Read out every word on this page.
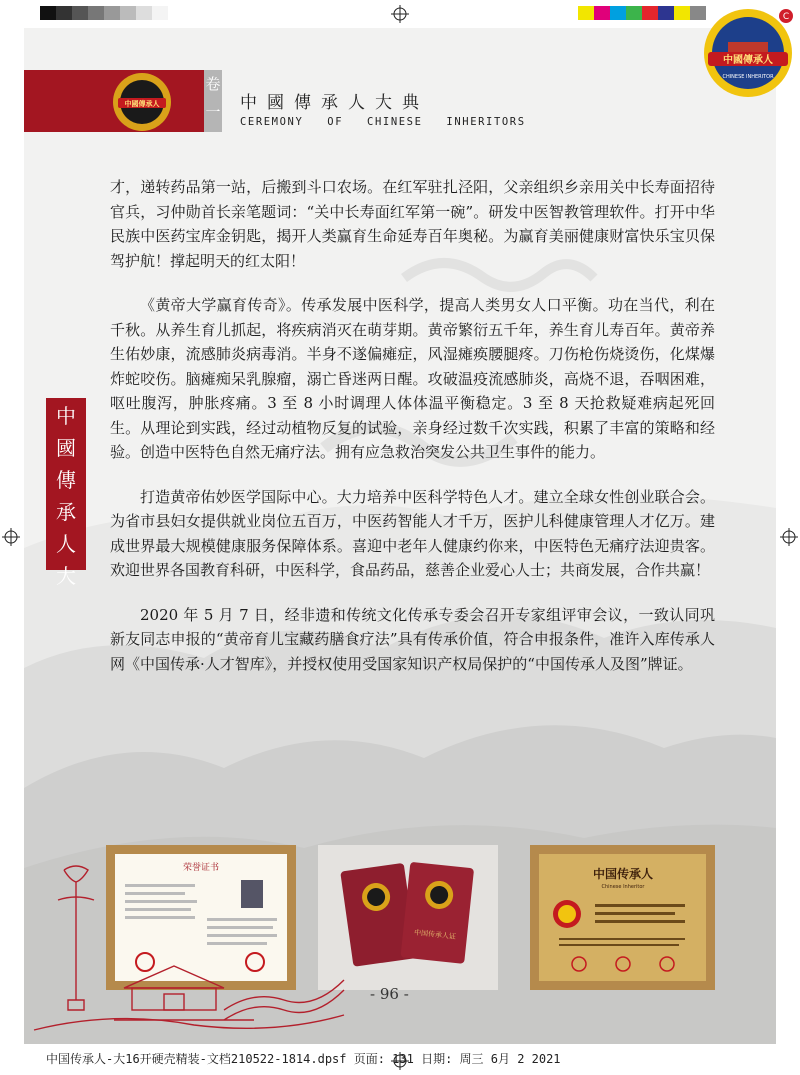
中國傳承人
卷
一 中國傳承人大典
CEREMONY OF CHINESE INHERITORS
中國傳承人
CHINESE INHERITOR
C
中
國
傳
承
人
大

才，递转药品第一站，后搬到斗口农场。在红军驻扎泾阳，父亲组织乡亲用关中长寿面招待官兵，习仲勋首长亲笔题词：“关中长寿面红军第一碗”。研发中医智教管理软件。打开中华民族中医药宝库金钥匙，揭开人类赢育生命延寿百年奥秘。为赢育美丽健康财富快乐宝贝保驾护航！撑起明天的红太阳！

《黄帝大学赢育传奇》。传承发展中医科学，提高人类男女人口平衡。功在当代，利在千秋。从养生育儿抓起，将疾病消灭在萌芽期。黄帝繁衍五千年，养生育儿寿百年。黄帝养生佑妙康，流感肺炎病毒消。半身不遂偏瘫症，风湿瘫痪腰腿疼。刀伤枪伤烧烫伤，化煤爆炸蛇咬伤。脑瘫痴呆乳腺瘤，溺亡昏迷两日醒。攻破温疫流感肺炎，高烧不退，吞咽困难，呕吐腹泻，肿胀疼痛。3 至 8 小时调理人体体温平衡稳定。3 至 8 天抢救疑难病起死回生。从理论到实践，经过动植物反复的试验，亲身经过数千次实践，积累了丰富的策略和经验。创造中医特色自然无痛疗法。拥有应急救治突发公共卫生事件的能力。

打造黄帝佑妙医学国际中心。大力培养中医科学特色人才。建立全球女性创业联合会。为省市县妇女提供就业岗位五百万，中医药智能人才千万，医护儿科健康管理人才亿万。建成世界最大规模健康服务保障体系。喜迎中老年人健康约你来，中医特色无痛疗法迎贵客。欢迎世界各国教育科研，中医科学，食品药品，慈善企业爱心人士；共商发展，合作共赢！

2020 年 5 月 7 日，经非遗和传统文化传承专委会召开专家组评审会议，一致认同巩新友同志申报的“黄帝育儿宝藏药膳食疗法”具有传承价值，符合申报条件，准许入库传承人网《中国传承·人才智库》，并授权使用受国家知识产权局保护的“中国传承人及图”牌证。

荣誉证书
中国传承人证
中国传承人
Chinese Inheritor
- 96 -
中国传承人-大16开硬壳精装-文档210522-1814.dpsf 页面: 131 日期: 周三 6月 2 2021
